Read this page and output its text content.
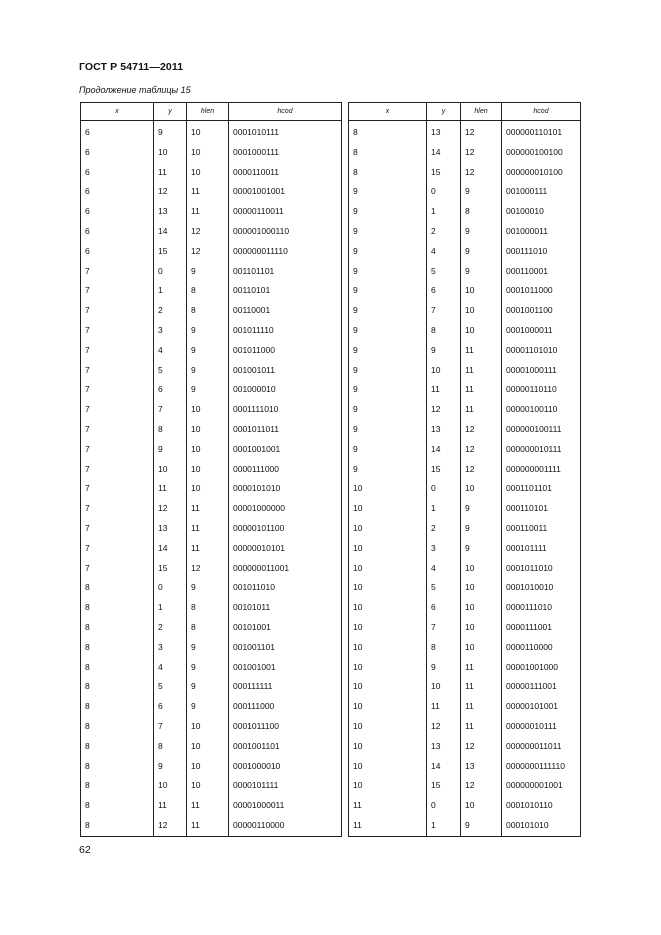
ГОСТ Р 54711—2011
Продолжение таблицы 15
x	y	hlen	hcod
6	9	10	0001010111
6	10	10	0001000111
6	11	10	0000110011
6	12	11	00001001001
6	13	11	00000110011
6	14	12	000001000110
6	15	12	000000011110
7	0	9	001101101
7	1	8	00110101
7	2	8	00110001
7	3	9	001011110
7	4	9	001011000
7	5	9	001001011
7	6	9	001000010
7	7	10	0001111010
7	8	10	0001011011
7	9	10	0001001001
7	10	10	0000111000
7	11	10	0000101010
7	12	11	00001000000
7	13	11	00000101100
7	14	11	00000010101
7	15	12	000000011001
8	0	9	001011010
8	1	8	00101011
8	2	8	00101001
8	3	9	001001101
8	4	9	001001001
8	5	9	000111111
8	6	9	000111000
8	7	10	0001011100
8	8	10	0001001101
8	9	10	0001000010
8	10	10	0000101111
8	11	11	00001000011
8	12	11	00000110000
x	y	hlen	hcod
8	13	12	000000110101
8	14	12	000000100100
8	15	12	000000010100
9	0	9	001000111
9	1	8	00100010
9	2	9	001000011
9	4	9	000111010
9	5	9	000110001
9	6	10	0001011000
9	7	10	0001001100
9	8	10	0001000011
9	9	11	00001101010
9	10	11	00001000111
9	11	11	00000110110
9	12	11	00000100110
9	13	12	000000100111
9	14	12	000000010111
9	15	12	000000001111
10	0	10	0001101101
10	1	9	000110101
10	2	9	000110011
10	3	9	000101111
10	4	10	0001011010
10	5	10	0001010010
10	6	10	0000111010
10	7	10	0000111001
10	8	10	0000110000
10	9	11	00001001000
10	10	11	00000111001
10	11	11	00000101001
10	12	11	00000010111
10	13	12	000000011011
10	14	13	0000000111110
10	15	12	000000001001
11	0	10	0001010110
11	1	9	000101010
62
